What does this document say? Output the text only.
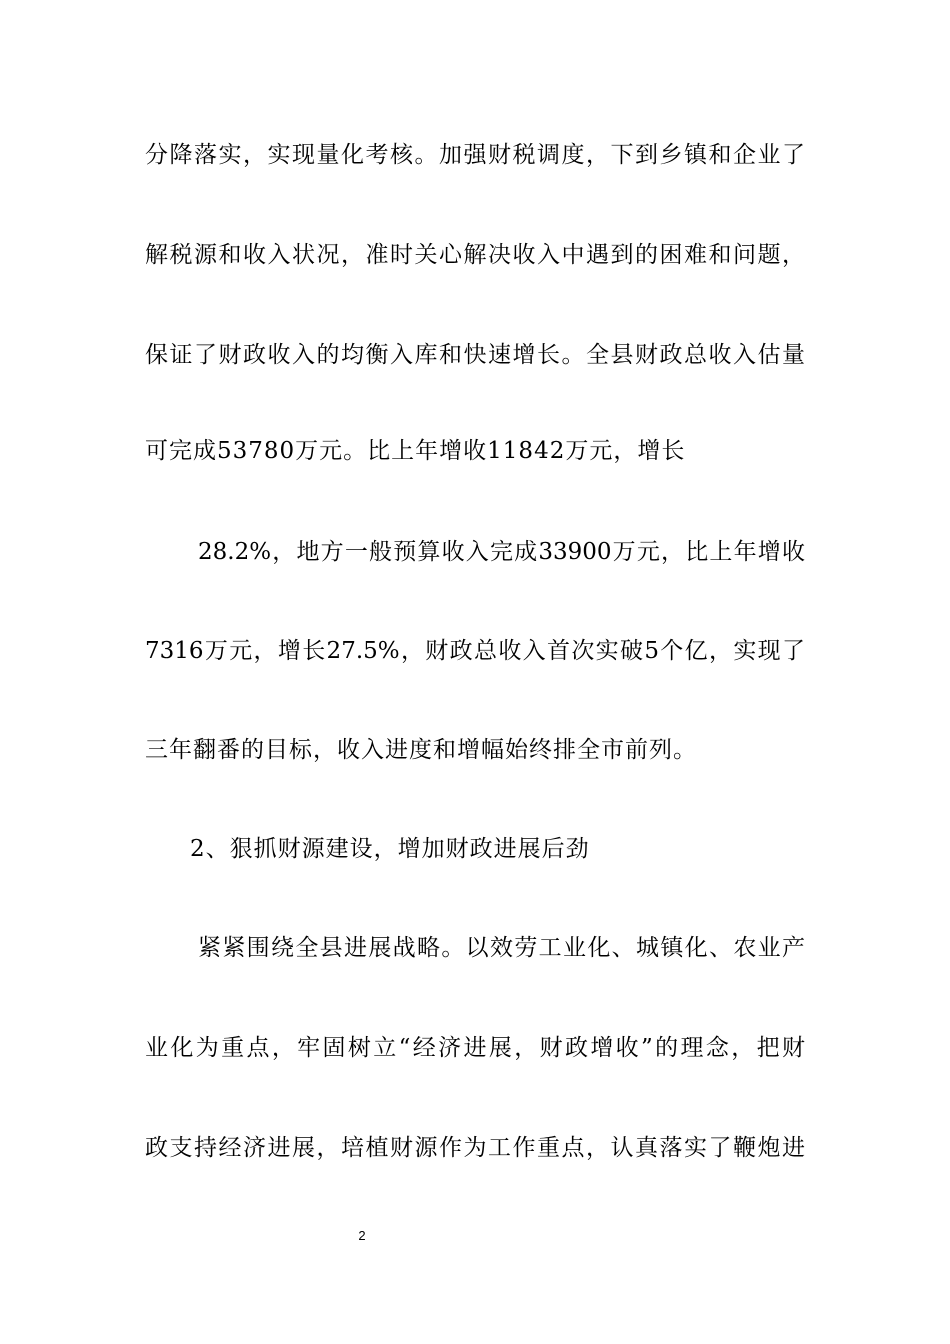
分降落实，实现量化考核。加强财税调度，下到乡镇和企业了
解税源和收入状况，准时关心解决收入中遇到的困难和问题，
保证了财政收入的均衡入库和快速增长。全县财政总收入估量
可完成53780万元。比上年增收11842万元，增长
28.2%，地方一般预算收入完成33900万元，比上年增收
7316万元，增长27.5%，财政总收入首次实破5个亿，实现了
三年翻番的目标，收入进度和增幅始终排全市前列。
2、狠抓财源建设，增加财政进展后劲
紧紧围绕全县进展战略。以效劳工业化、城镇化、农业产
业化为重点，牢固树立“经济进展，财政增收”的理念，把财
政支持经济进展，培植财源作为工作重点，认真落实了鞭炮进
2
